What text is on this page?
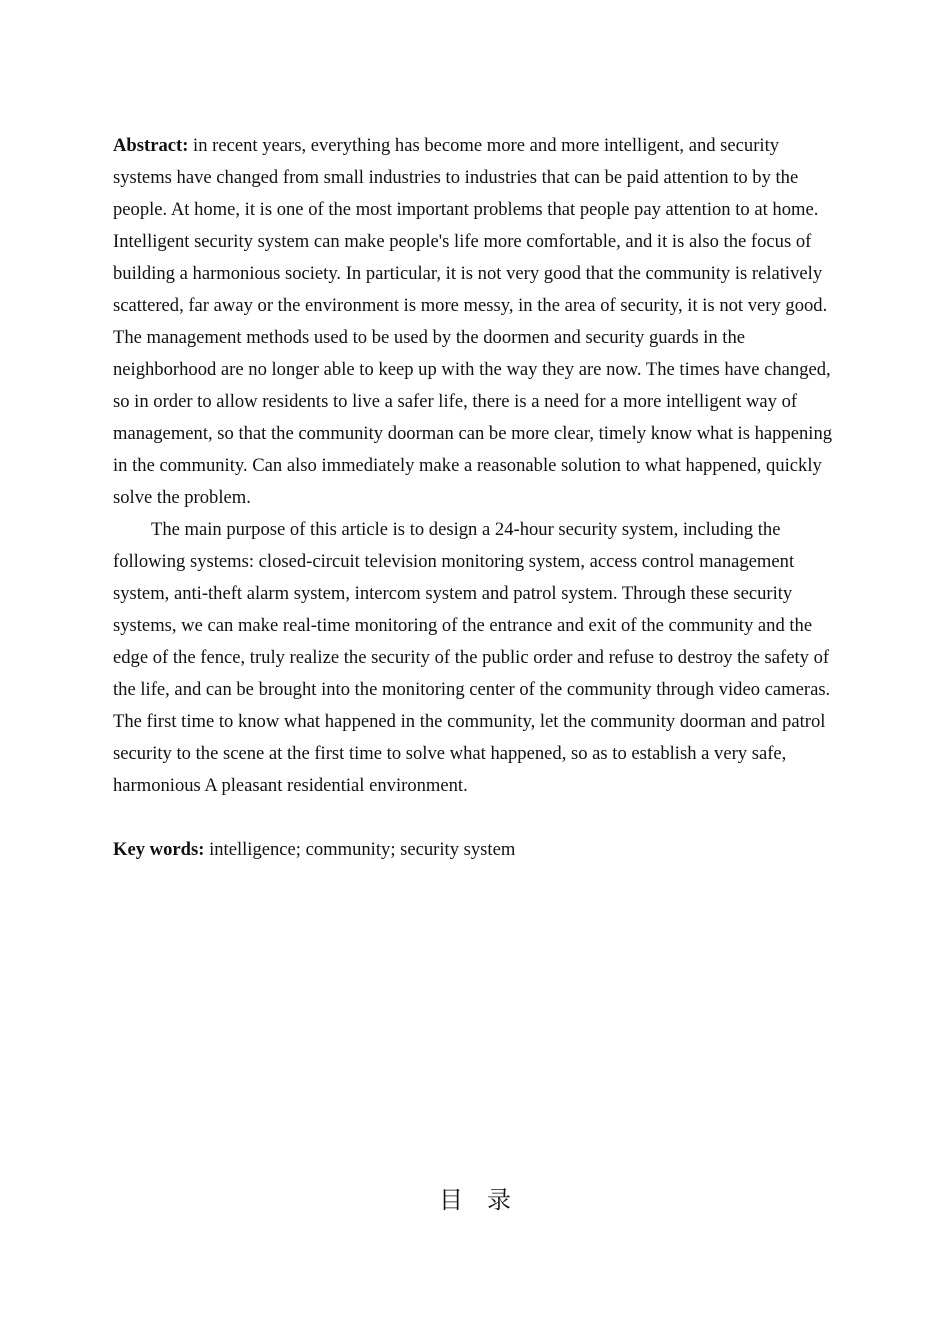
Abstract: in recent years, everything has become more and more intelligent, and security systems have changed from small industries to industries that can be paid attention to by the people. At home, it is one of the most important problems that people pay attention to at home. Intelligent security system can make people's life more comfortable, and it is also the focus of building a harmonious society. In particular, it is not very good that the community is relatively scattered, far away or the environment is more messy, in the area of security, it is not very good. The management methods used to be used by the doormen and security guards in the neighborhood are no longer able to keep up with the way they are now. The times have changed, so in order to allow residents to live a safer life, there is a need for a more intelligent way of management, so that the community doorman can be more clear, timely know what is happening in the community. Can also immediately make a reasonable solution to what happened, quickly solve the problem.

The main purpose of this article is to design a 24-hour security system, including the following systems: closed-circuit television monitoring system, access control management system, anti-theft alarm system, intercom system and patrol system. Through these security systems, we can make real-time monitoring of the entrance and exit of the community and the edge of the fence, truly realize the security of the public order and refuse to destroy the safety of the life, and can be brought into the monitoring center of the community through video cameras. The first time to know what happened in the community, let the community doorman and patrol security to the scene at the first time to solve what happened, so as to establish a very safe, harmonious A pleasant residential environment.

Key words: intelligence; community; security system

目　录
